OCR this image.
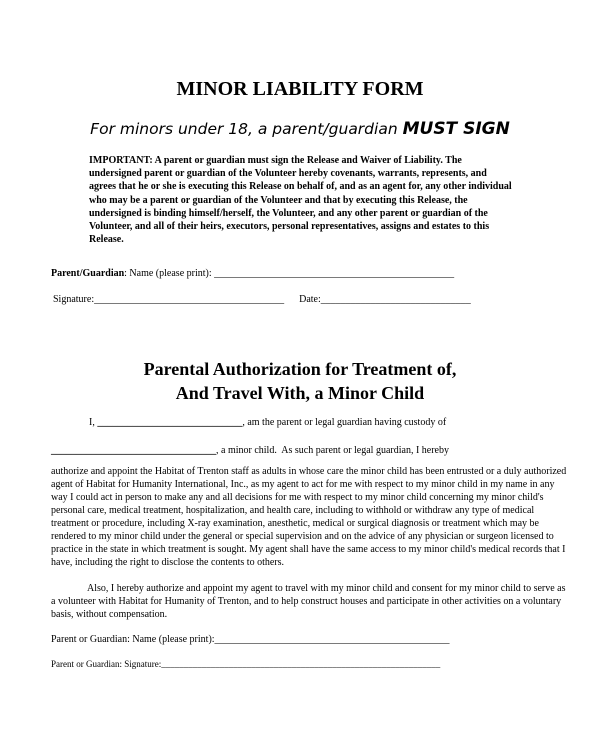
MINOR LIABILITY FORM
For minors under 18, a parent/guardian MUST SIGN
IMPORTANT: A parent or guardian must sign the Release and Waiver of Liability. The undersigned parent or guardian of the Volunteer hereby covenants, warrants, represents, and agrees that he or she is executing this Release on behalf of, and as an agent for, any other individual who may be a parent or guardian of the Volunteer and that by executing this Release, the undersigned is binding himself/herself, the Volunteer, and any other parent or guardian of the Volunteer, and all of their heirs, executors, personal representatives, assigns and estates to this Release.
Parent/Guardian: Name (please print): ________________________________________________
Signature:______________________________________ Date:______________________________
Parental Authorization for Treatment of,
And Travel With, a Minor Child
I, _____________________________, am the parent or legal guardian having custody of
_________________________________, a minor child.  As such parent or legal guardian, I hereby
authorize and appoint the Habitat of Trenton staff as adults in whose care the minor child has been entrusted or a duly authorized agent of Habitat for Humanity International, Inc., as my agent to act for me with respect to my minor child in my name in any way I could act in person to make any and all decisions for me with respect to my minor child concerning my minor child's personal care, medical treatment, hospitalization, and health care, including to withhold or withdraw any type of medical treatment or procedure, including X-ray examination, anesthetic, medical or surgical diagnosis or treatment which may be rendered to my minor child under the general or special supervision and on the advice of any physician or surgeon licensed to practice in the state in which treatment is sought. My agent shall have the same access to my minor child's medical records that I have, including the right to disclose the contents to others.
Also, I hereby authorize and appoint my agent to travel with my minor child and consent for my minor child to serve as a volunteer with Habitat for Humanity of Trenton, and to help construct houses and participate in other activities on a voluntary basis, without compensation.
Parent or Guardian: Name (please print):_______________________________________________
Parent or Guardian: Signature:______________________________________________________________
